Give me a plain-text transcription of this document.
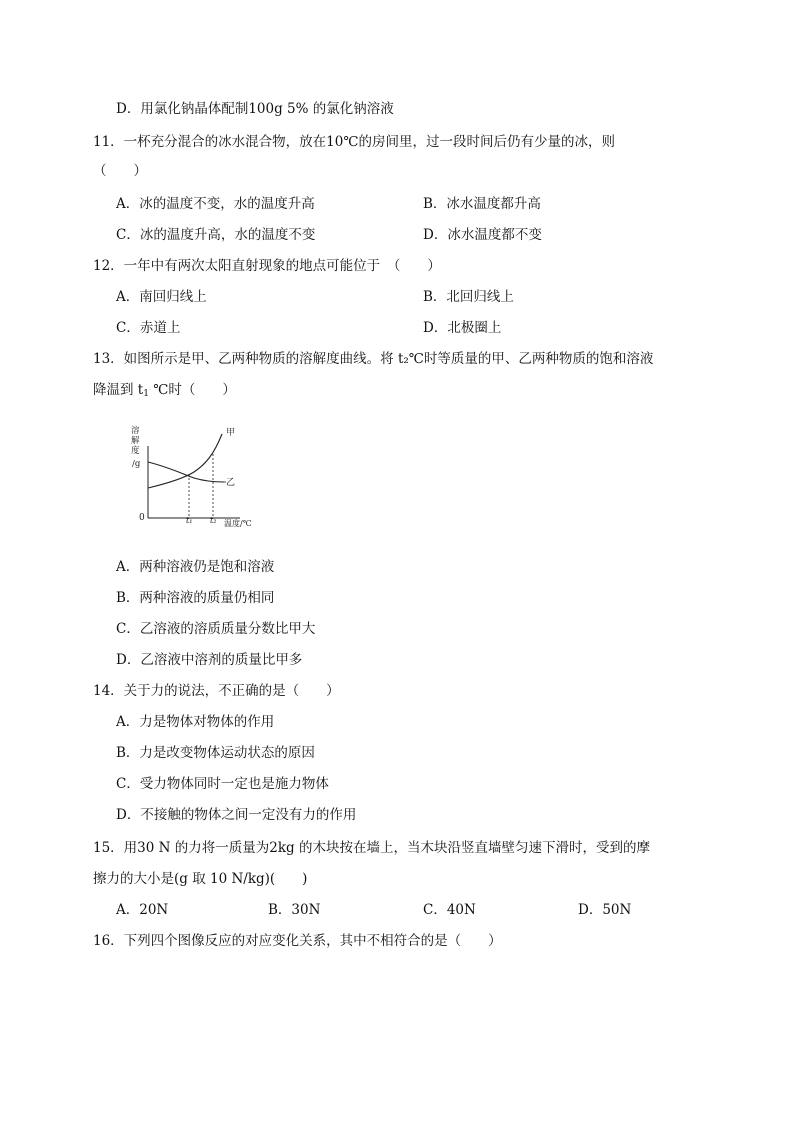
D．用氯化钠晶体配制100g 5% 的氯化钠溶液
11．一杯充分混合的冰水混合物，放在10℃的房间里，过一段时间后仍有少量的冰，则
（　　）
A．冰的温度不变，水的温度升高	B．冰水温度都升高
C．冰的温度升高，水的温度不变	D．冰水温度都不变
12．一年中有两次太阳直射现象的地点可能位于　（　　）
A．南回归线上	B．北回归线上
C．赤道上	D．北极圈上
13．如图所示是甲、乙两种物质的溶解度曲线。将 t₂℃时等质量的甲、乙两种物质的饱和溶液
降温到 $t_1$ ℃时（　　）
溶
解
度
/g
0
温度/℃
t₁ t₂
甲
乙
A．两种溶液仍是饱和溶液
B．两种溶液的质量仍相同
C．乙溶液的溶质质量分数比甲大
D．乙溶液中溶剂的质量比甲多
14．关于力的说法，不正确的是（　　）
A．力是物体对物体的作用
B．力是改变物体运动状态的原因
C．受力物体同时一定也是施力物体
D．不接触的物体之间一定没有力的作用
15．用30 N 的力将一质量为2kg 的木块按在墙上，当木块沿竖直墙壁匀速下滑时，受到的摩
擦力的大小是(g 取 10 N/kg)(　　)
A．20N	B．30N	C．40N	D．50N
16．下列四个图像反应的对应变化关系，其中不相符合的是（　　）
